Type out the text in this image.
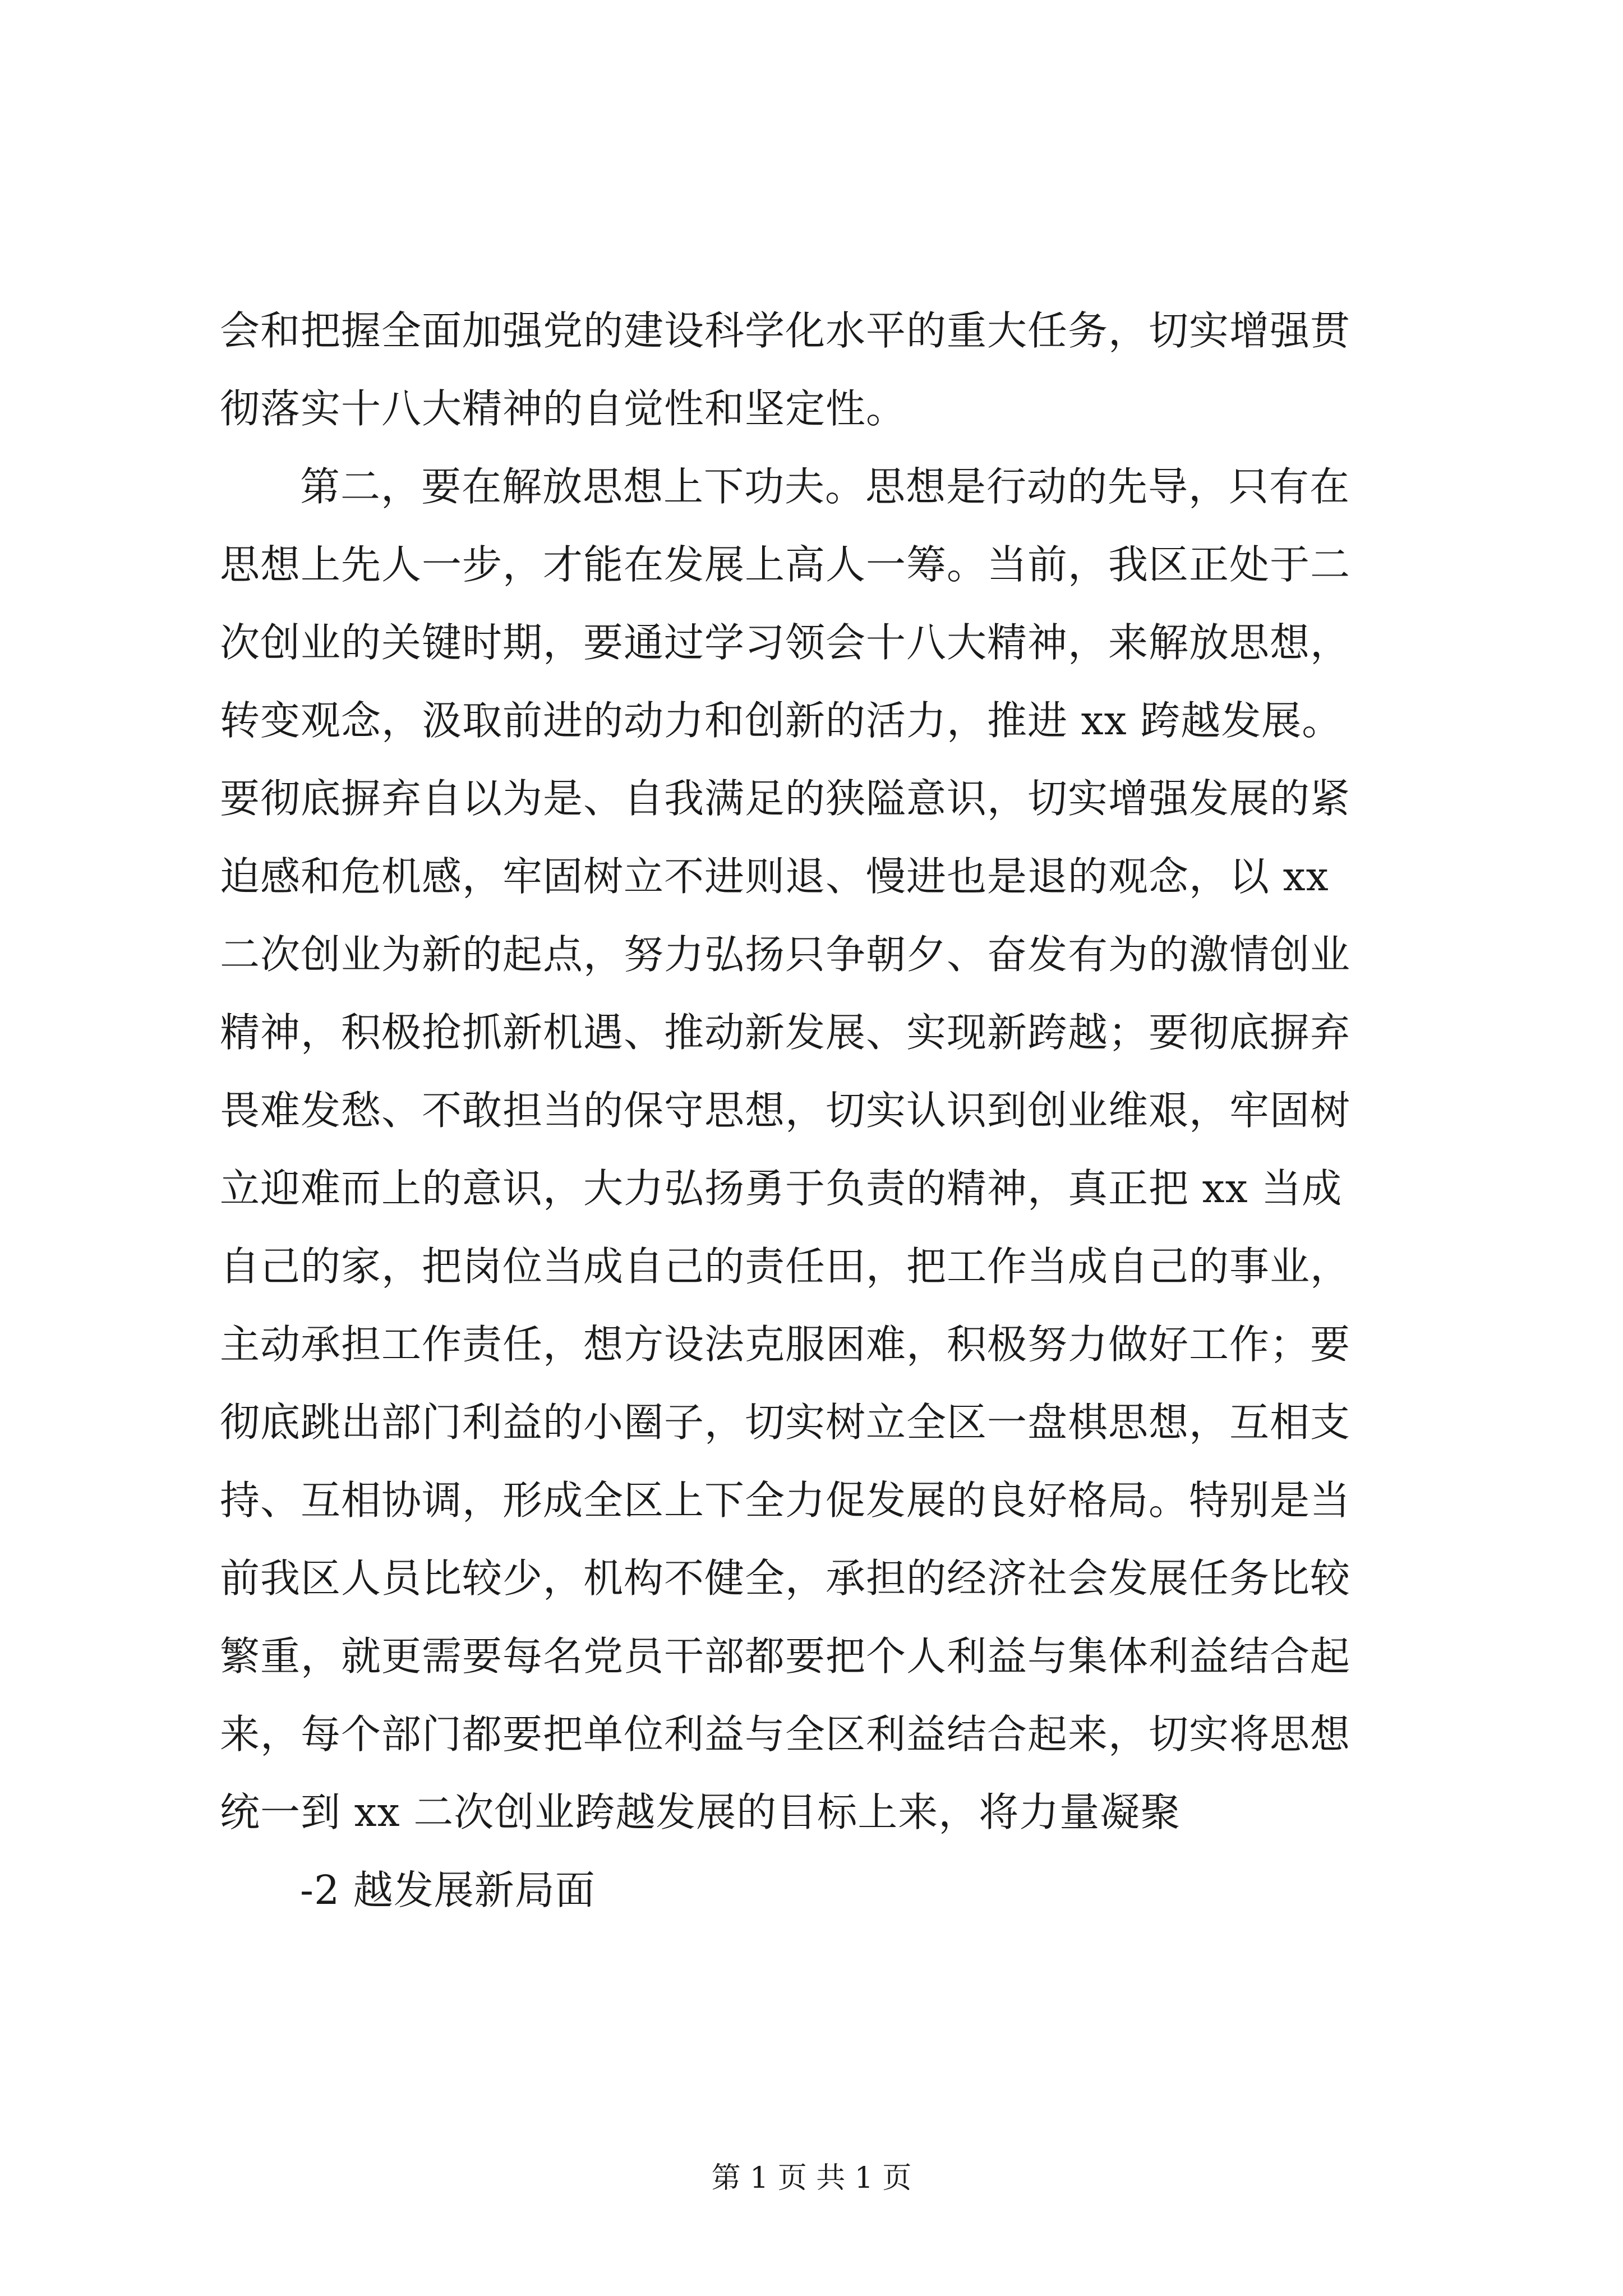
会和把握全面加强党的建设科学化水平的重大任务，切实增强贯
彻落实十八大精神的自觉性和坚定性。
第二，要在解放思想上下功夫。思想是行动的先导，只有在
思想上先人一步，才能在发展上高人一筹。当前，我区正处于二
次创业的关键时期，要通过学习领会十八大精神，来解放思想，
转变观念，汲取前进的动力和创新的活力，推进 xx 跨越发展。
要彻底摒弃自以为是、自我满足的狭隘意识，切实增强发展的紧
迫感和危机感，牢固树立不进则退、慢进也是退的观念，以 xx
二次创业为新的起点，努力弘扬只争朝夕、奋发有为的激情创业
精神，积极抢抓新机遇、推动新发展、实现新跨越；要彻底摒弃
畏难发愁、不敢担当的保守思想，切实认识到创业维艰，牢固树
立迎难而上的意识，大力弘扬勇于负责的精神，真正把 xx 当成
自己的家，把岗位当成自己的责任田，把工作当成自己的事业，
主动承担工作责任，想方设法克服困难，积极努力做好工作；要
彻底跳出部门利益的小圈子，切实树立全区一盘棋思想，互相支
持、互相协调，形成全区上下全力促发展的良好格局。特别是当
前我区人员比较少，机构不健全，承担的经济社会发展任务比较
繁重，就更需要每名党员干部都要把个人利益与集体利益结合起
来，每个部门都要把单位利益与全区利益结合起来，切实将思想
统一到 xx 二次创业跨越发展的目标上来，将力量凝聚
-2 越发展新局面
第 1 页 共 1 页
